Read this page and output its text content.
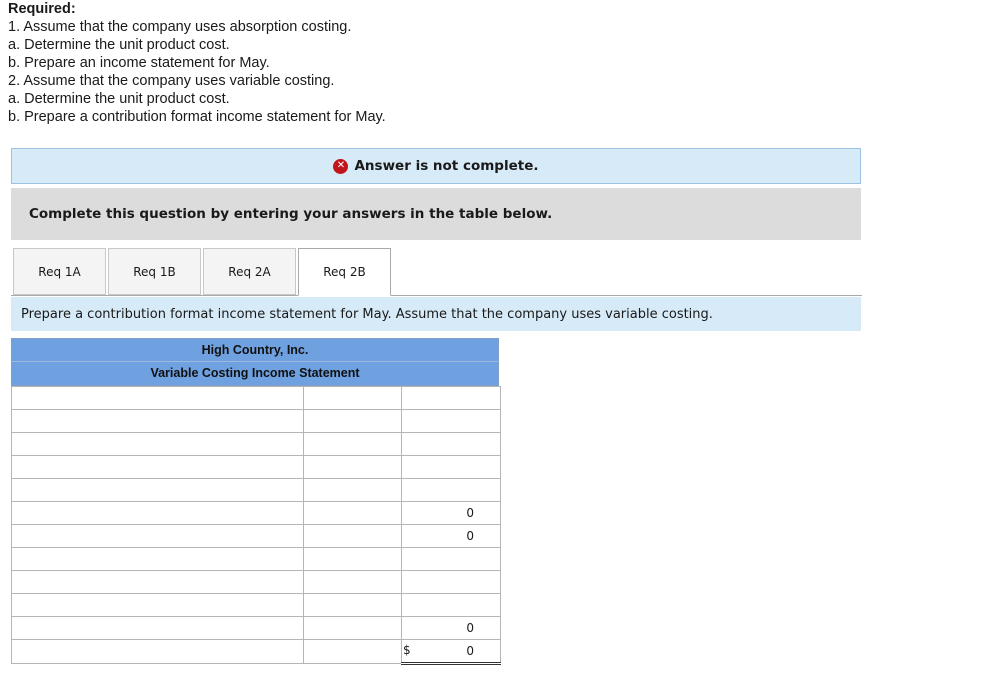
Required:
1. Assume that the company uses absorption costing.
a. Determine the unit product cost.
b. Prepare an income statement for May.
2. Assume that the company uses variable costing.
a. Determine the unit product cost.
b. Prepare a contribution format income statement for May.
✕ Answer is not complete.
Complete this question by entering your answers in the table below.
Req 1A	Req 1B	Req 2A	Req 2B
Prepare a contribution format income statement for May. Assume that the company uses variable costing.
High Country, Inc.
Variable Costing Income Statement

		0

		0

		0

		$ 0
